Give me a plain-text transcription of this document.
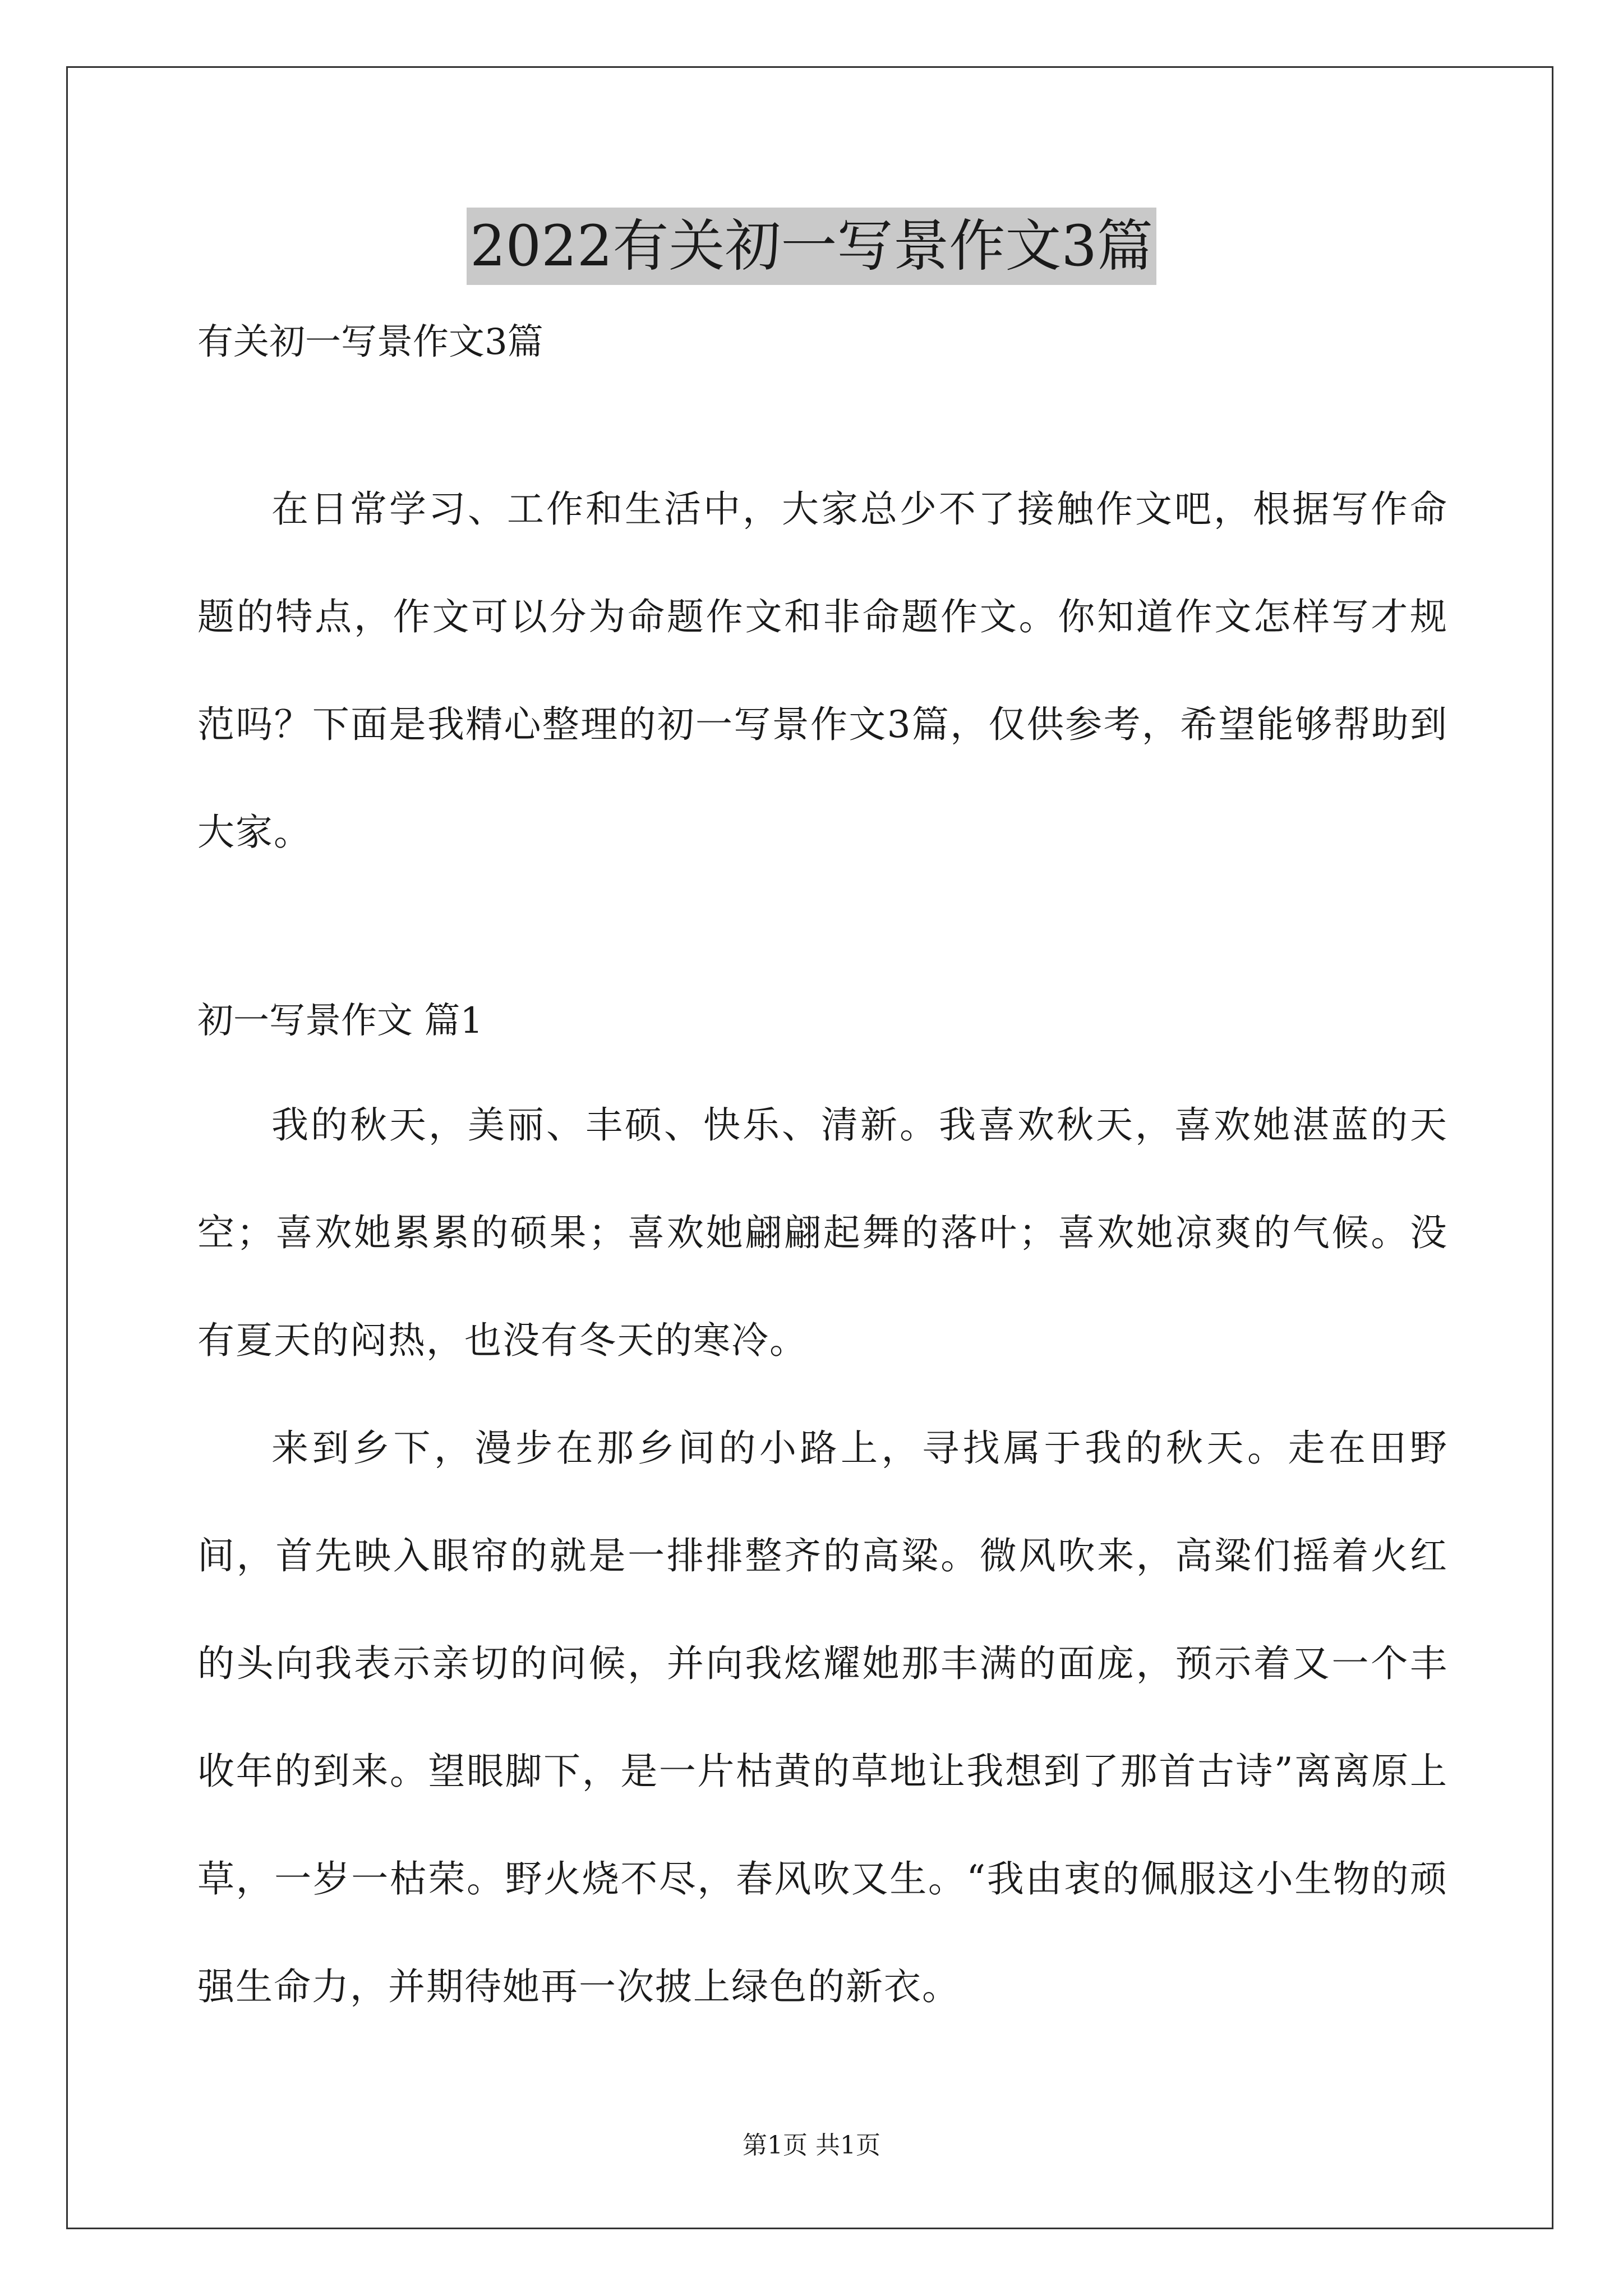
2022有关初一写景作文3篇
有关初一写景作文3篇

在日常学习、工作和生活中，大家总少不了接触作文吧，根据写作命题的特点，作文可以分为命题作文和非命题作文。你知道作文怎样写才规范吗？下面是我精心整理的初一写景作文3篇，仅供参考，希望能够帮助到大家。

初一写景作文 篇1

我的秋天，美丽、丰硕、快乐、清新。我喜欢秋天，喜欢她湛蓝的天空；喜欢她累累的硕果；喜欢她翩翩起舞的落叶；喜欢她凉爽的气候。没有夏天的闷热，也没有冬天的寒冷。

来到乡下，漫步在那乡间的小路上，寻找属于我的秋天。走在田野间，首先映入眼帘的就是一排排整齐的高粱。微风吹来，高粱们摇着火红的头向我表示亲切的问候，并向我炫耀她那丰满的面庞，预示着又一个丰收年的到来。望眼脚下，是一片枯黄的草地让我想到了那首古诗”离离原上草，一岁一枯荣。野火烧不尽，春风吹又生。“我由衷的佩服这小生物的顽强生命力，并期待她再一次披上绿色的新衣。

第1页 共1页
